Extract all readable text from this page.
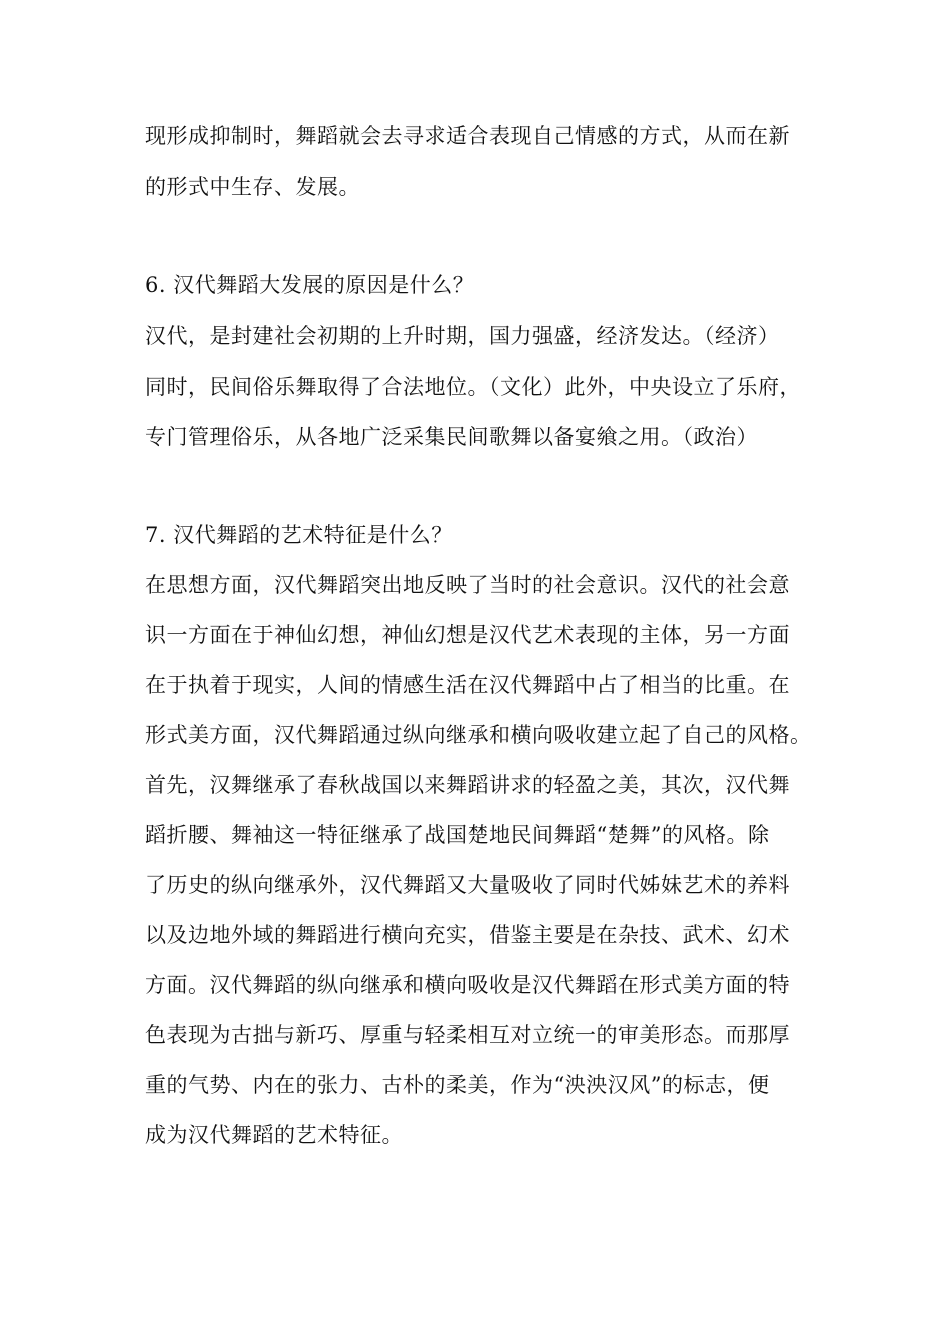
现形成抑制时，舞蹈就会去寻求适合表现自己情感的方式，从而在新
的形式中生存、发展。
6. 汉代舞蹈大发展的原因是什么？
汉代，是封建社会初期的上升时期，国力强盛，经济发达。（经济）
同时，民间俗乐舞取得了合法地位。（文化）此外，中央设立了乐府，
专门管理俗乐，从各地广泛采集民间歌舞以备宴飨之用。（政治）
7. 汉代舞蹈的艺术特征是什么？
在思想方面，汉代舞蹈突出地反映了当时的社会意识。汉代的社会意
识一方面在于神仙幻想，神仙幻想是汉代艺术表现的主体，另一方面
在于执着于现实，人间的情感生活在汉代舞蹈中占了相当的比重。在
形式美方面，汉代舞蹈通过纵向继承和横向吸收建立起了自己的风格。
首先，汉舞继承了春秋战国以来舞蹈讲求的轻盈之美，其次，汉代舞
蹈折腰、舞袖这一特征继承了战国楚地民间舞蹈“楚舞”的风格。除
了历史的纵向继承外，汉代舞蹈又大量吸收了同时代姊妹艺术的养料
以及边地外域的舞蹈进行横向充实，借鉴主要是在杂技、武术、幻术
方面。汉代舞蹈的纵向继承和横向吸收是汉代舞蹈在形式美方面的特
色表现为古拙与新巧、厚重与轻柔相互对立统一的审美形态。而那厚
重的气势、内在的张力、古朴的柔美，作为“泱泱汉风”的标志，便
成为汉代舞蹈的艺术特征。
